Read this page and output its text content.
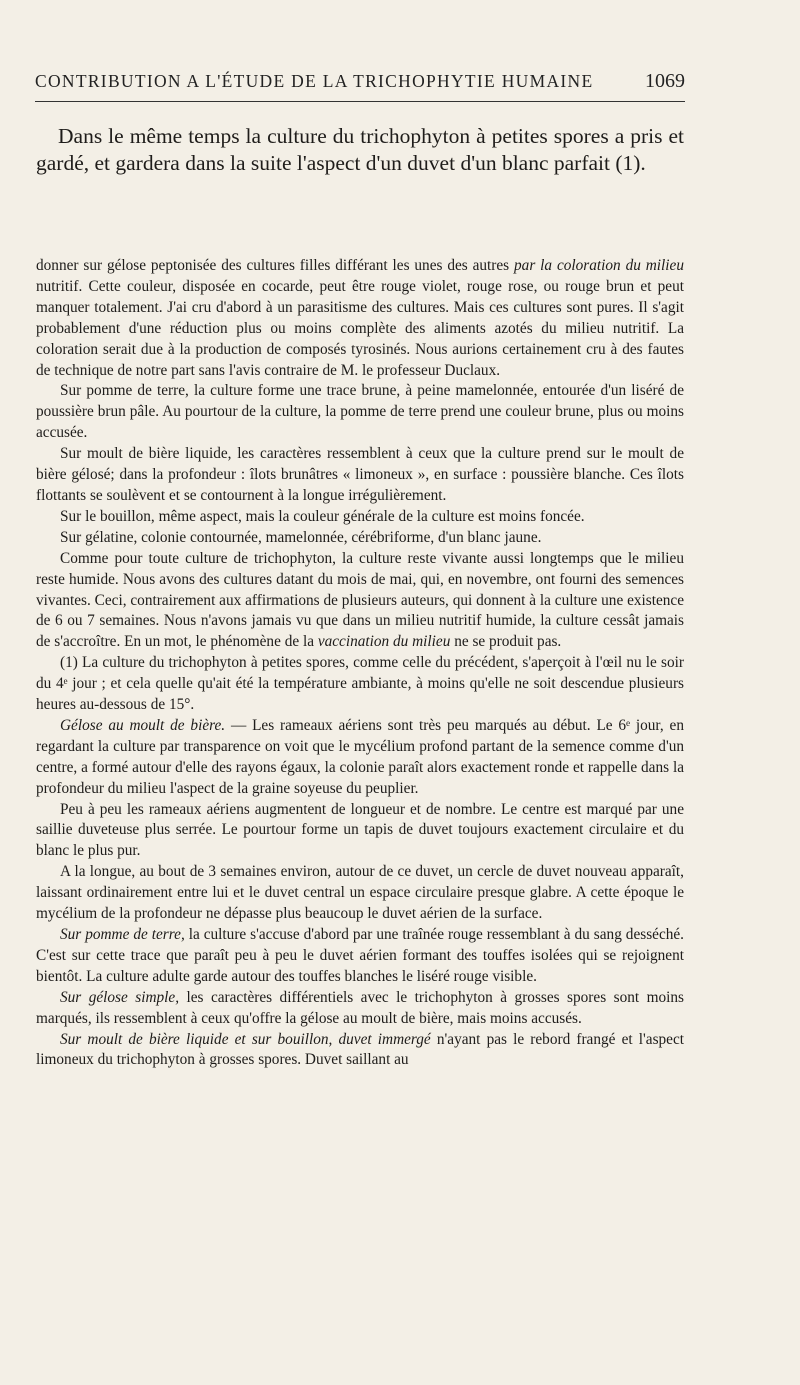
CONTRIBUTION A L'ÉTUDE DE LA TRICHOPHYTIE HUMAINE	1069
Dans le même temps la culture du trichophyton à petites spores a pris et gardé, et gardera dans la suite l'aspect d'un duvet d'un blanc parfait (1).

donner sur gélose peptonisée des cultures filles différant les unes des autres par la coloration du milieu nutritif. Cette couleur, disposée en cocarde, peut être rouge violet, rouge rose, ou rouge brun et peut manquer totalement. J'ai cru d'abord à un parasitisme des cultures. Mais ces cultures sont pures. Il s'agit probablement d'une réduction plus ou moins complète des aliments azotés du milieu nutritif. La coloration serait due à la production de composés tyrosinés. Nous aurions certainement cru à des fautes de technique de notre part sans l'avis contraire de M. le professeur Duclaux.

Sur pomme de terre, la culture forme une trace brune, à peine mamelonnée, entourée d'un liséré de poussière brun pâle. Au pourtour de la culture, la pomme de terre prend une couleur brune, plus ou moins accusée.

Sur moult de bière liquide, les caractères ressemblent à ceux que la culture prend sur le moult de bière gélosé; dans la profondeur : îlots brunâtres « limoneux », en surface : poussière blanche. Ces îlots flottants se soulèvent et se contournent à la longue irrégulièrement.

Sur le bouillon, même aspect, mais la couleur générale de la culture est moins foncée.

Sur gélatine, colonie contournée, mamelonnée, cérébriforme, d'un blanc jaune.

Comme pour toute culture de trichophyton, la culture reste vivante aussi longtemps que le milieu reste humide. Nous avons des cultures datant du mois de mai, qui, en novembre, ont fourni des semences vivantes. Ceci, contrairement aux affirmations de plusieurs auteurs, qui donnent à la culture une existence de 6 ou 7 semaines. Nous n'avons jamais vu que dans un milieu nutritif humide, la culture cessât jamais de s'accroître. En un mot, le phénomène de la vaccination du milieu ne se produit pas.

(1) La culture du trichophyton à petites spores, comme celle du précédent, s'aperçoit à l'œil nu le soir du 4ᵉ jour ; et cela quelle qu'ait été la température ambiante, à moins qu'elle ne soit descendue plusieurs heures au-dessous de 15°.

Gélose au moult de bière. — Les rameaux aériens sont très peu marqués au début. Le 6ᵉ jour, en regardant la culture par transparence on voit que le mycélium profond partant de la semence comme d'un centre, a formé autour d'elle des rayons égaux, la colonie paraît alors exactement ronde et rappelle dans la profondeur du milieu l'aspect de la graine soyeuse du peuplier.

Peu à peu les rameaux aériens augmentent de longueur et de nombre. Le centre est marqué par une saillie duveteuse plus serrée. Le pourtour forme un tapis de duvet toujours exactement circulaire et du blanc le plus pur.

A la longue, au bout de 3 semaines environ, autour de ce duvet, un cercle de duvet nouveau apparaît, laissant ordinairement entre lui et le duvet central un espace circulaire presque glabre. A cette époque le mycélium de la profondeur ne dépasse plus beaucoup le duvet aérien de la surface.

Sur pomme de terre, la culture s'accuse d'abord par une traînée rouge ressemblant à du sang desséché. C'est sur cette trace que paraît peu à peu le duvet aérien formant des touffes isolées qui se rejoignent bientôt. La culture adulte garde autour des touffes blanches le liséré rouge visible.

Sur gélose simple, les caractères différentiels avec le trichophyton à grosses spores sont moins marqués, ils ressemblent à ceux qu'offre la gélose au moult de bière, mais moins accusés.

Sur moult de bière liquide et sur bouillon, duvet immergé n'ayant pas le rebord frangé et l'aspect limoneux du trichophyton à grosses spores. Duvet saillant au
